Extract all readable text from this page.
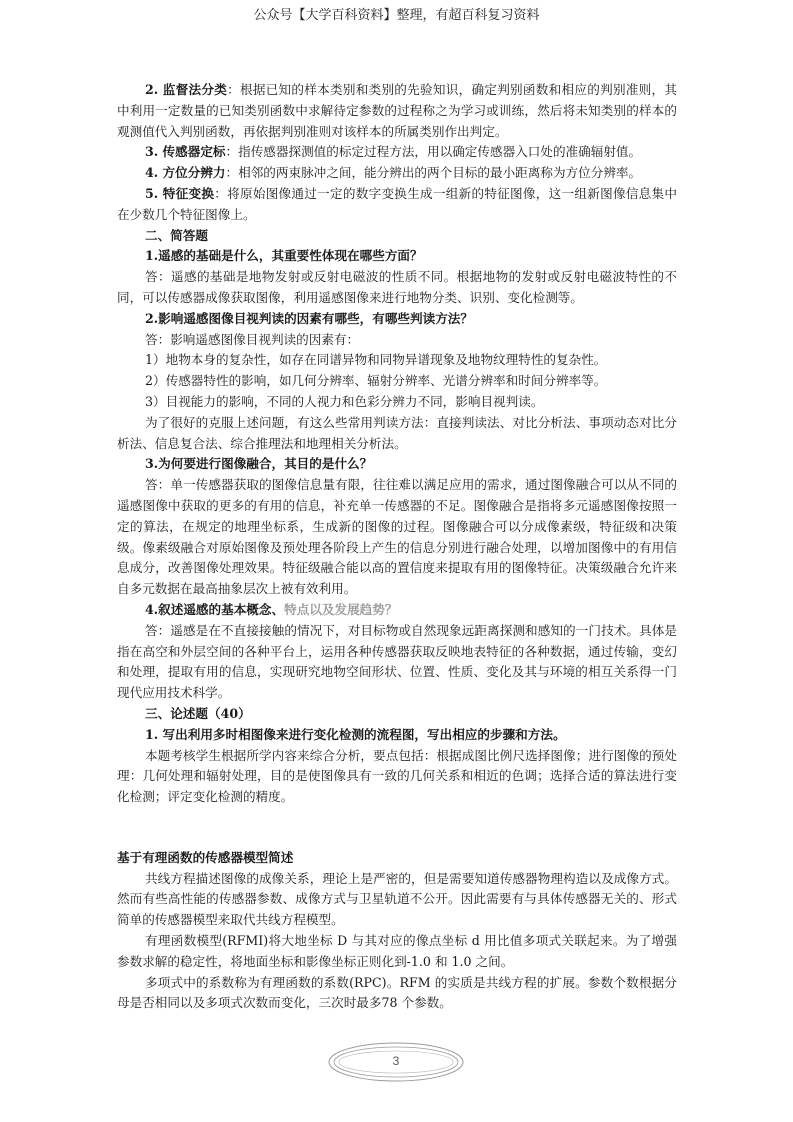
公众号【大学百科资料】整理，有超百科复习资料

2. 监督法分类：根据已知的样本类别和类别的先验知识，确定判别函数和相应的判别准则，其中利用一定数量的已知类别函数中求解待定参数的过程称之为学习或训练，然后将未知类别的样本的观测值代入判别函数，再依据判别准则对该样本的所属类别作出判定。

3. 传感器定标：指传感器探测值的标定过程方法，用以确定传感器入口处的准确辐射值。

4. 方位分辨力：相邻的两束脉冲之间，能分辨出的两个目标的最小距离称为方位分辨率。

5. 特征变换：将原始图像通过一定的数字变换生成一组新的特征图像，这一组新图像信息集中在少数几个特征图像上。

二、简答题

1.遥感的基础是什么，其重要性体现在哪些方面？

答：遥感的基础是地物发射或反射电磁波的性质不同。根据地物的发射或反射电磁波特性的不同，可以传感器成像获取图像，利用遥感图像来进行地物分类、识别、变化检测等。

2.影响遥感图像目视判读的因素有哪些，有哪些判读方法？

答：影响遥感图像目视判读的因素有：

1）地物本身的复杂性，如存在同谱异物和同物异谱现象及地物纹理特性的复杂性。

2）传感器特性的影响，如几何分辨率、辐射分辨率、光谱分辨率和时间分辨率等。

3）目视能力的影响，不同的人视力和色彩分辨力不同，影响目视判读。

为了很好的克服上述问题，有这么些常用判读方法：直接判读法、对比分析法、事项动态对比分析法、信息复合法、综合推理法和地理相关分析法。

3.为何要进行图像融合，其目的是什么？

答：单一传感器获取的图像信息量有限，往往难以满足应用的需求，通过图像融合可以从不同的遥感图像中获取的更多的有用的信息，补充单一传感器的不足。图像融合是指将多元遥感图像按照一定的算法，在规定的地理坐标系，生成新的图像的过程。图像融合可以分成像素级，特征级和决策级。像素级融合对原始图像及预处理各阶段上产生的信息分别进行融合处理，以增加图像中的有用信息成分，改善图像处理效果。特征级融合能以高的置信度来提取有用的图像特征。决策级融合允许来自多元数据在最高抽象层次上被有效利用。

4.叙述遥感的基本概念、特点以及发展趋势？

答：遥感是在不直接接触的情况下，对目标物或自然现象远距离探测和感知的一门技术。具体是指在高空和外层空间的各种平台上，运用各种传感器获取反映地表特征的各种数据，通过传输，变幻和处理，提取有用的信息，实现研究地物空间形状、位置、性质、变化及其与环境的相互关系得一门现代应用技术科学。

三、论述题（40）

1. 写出利用多时相图像来进行变化检测的流程图，写出相应的步骤和方法。

本题考核学生根据所学内容来综合分析，要点包括：根据成图比例尺选择图像；进行图像的预处理：几何处理和辐射处理，目的是使图像具有一致的几何关系和相近的色调；选择合适的算法进行变化检测；评定变化检测的精度。

基于有理函数的传感器模型简述

共线方程描述图像的成像关系，理论上是严密的，但是需要知道传感器物理构造以及成像方式。然而有些高性能的传感器参数、成像方式与卫星轨道不公开。因此需要有与具体传感器无关的、形式简单的传感器模型来取代共线方程模型。

有理函数模型(RFMI)将大地坐标 D 与其对应的像点坐标 d 用比值多项式关联起来。为了增强参数求解的稳定性，将地面坐标和影像坐标正则化到-1.0 和 1.0 之间。

多项式中的系数称为有理函数的系数(RPC)。RFM 的实质是共线方程的扩展。参数个数根据分母是否相同以及多项式次数而变化，三次时最多78 个参数。

3
